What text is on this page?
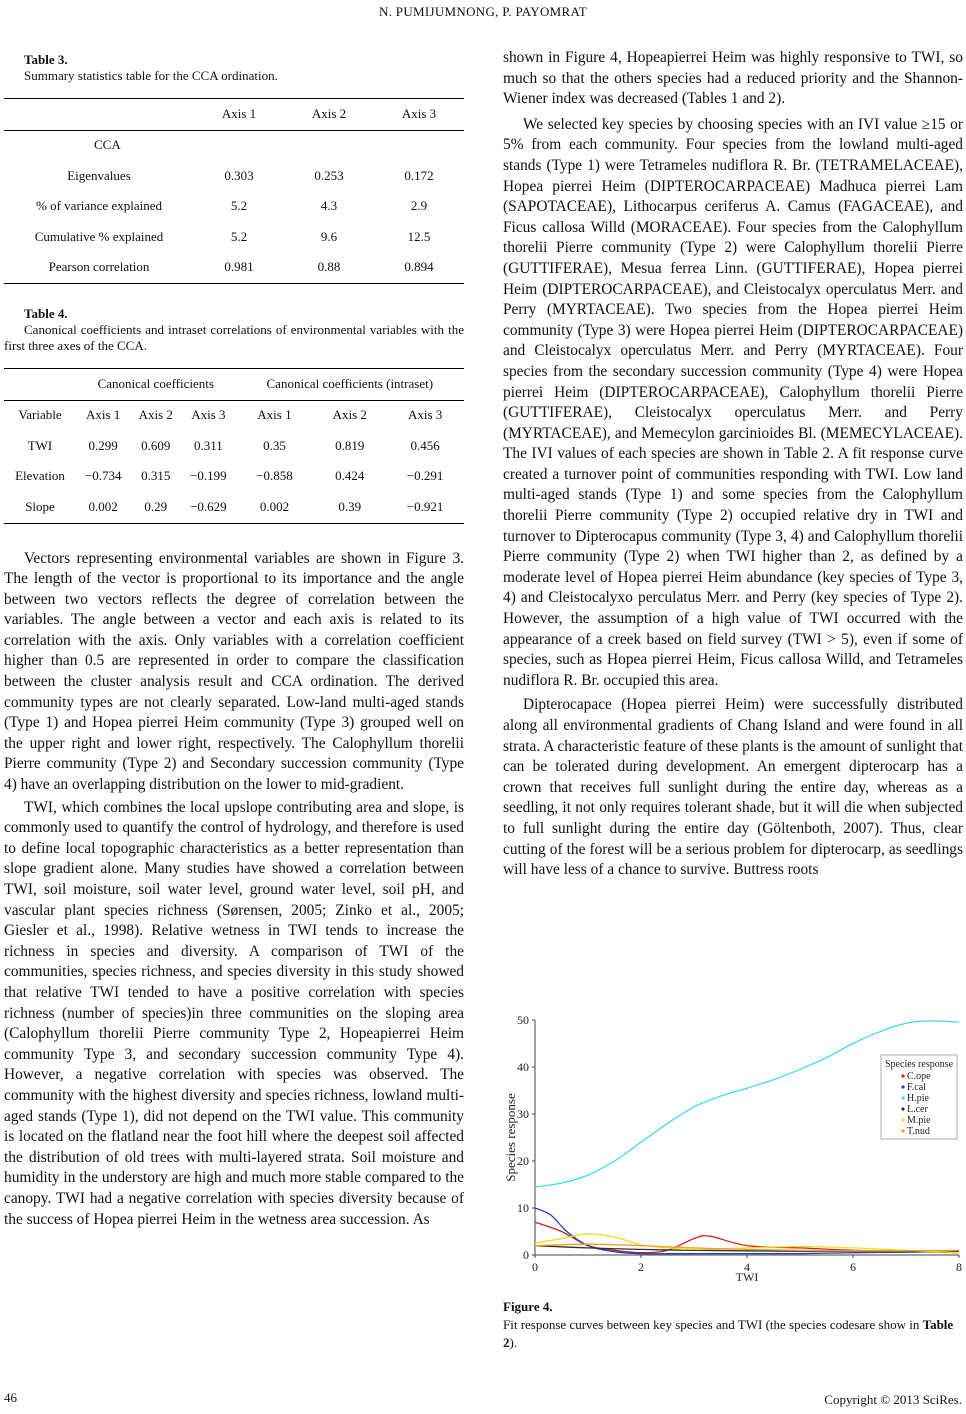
N. PUMIJUMNONG, P. PAYOMRAT

Table 3.

Summary statistics table for the CCA ordination.

	Axis 1	Axis 2	Axis 3
CCA			
Eigenvalues	0.303	0.253	0.172
% of variance explained	5.2	4.3	2.9
Cumulative % explained	5.2	9.6	12.5
Pearson correlation	0.981	0.88	0.894

Table 4.

Canonical coefficients and intraset correlations of environmental variables with the first three axes of the CCA.

	Canonical coefficients			Canonical coefficients (intraset)		
Variable	Axis 1	Axis 2	Axis 3	Axis 1	Axis 2	Axis 3
TWI	0.299	0.609	0.311	0.35	0.819	0.456
Elevation	−0.734	0.315	−0.199	−0.858	0.424	−0.291
Slope	0.002	0.29	−0.629	0.002	0.39	−0.921

Vectors representing environmental variables are shown in Figure 3. The length of the vector is proportional to its importance and the angle between two vectors reflects the degree of correlation between the variables. The angle between a vector and each axis is related to its correlation with the axis. Only variables with a correlation coefficient higher than 0.5 are represented in order to compare the classification between the cluster analysis result and CCA ordination. The derived community types are not clearly separated. Low-land multi-aged stands (Type 1) and Hopea pierrei Heim community (Type 3) grouped well on the upper right and lower right, respectively. The Calophyllum thorelii Pierre community (Type 2) and Secondary succession community (Type 4) have an overlapping distribution on the lower to mid-gradient.

TWI, which combines the local upslope contributing area and slope, is commonly used to quantify the control of hydrology, and therefore is used to define local topographic characteristics as a better representation than slope gradient alone. Many studies have showed a correlation between TWI, soil moisture, soil water level, ground water level, soil pH, and vascular plant species richness (Sørensen, 2005; Zinko et al., 2005; Giesler et al., 1998). Relative wetness in TWI tends to increase the richness in species and diversity. A comparison of TWI of the communities, species richness, and species diversity in this study showed that relative TWI tended to have a positive correlation with species richness (number of species)in three communities on the sloping area (Calophyllum thorelii Pierre community Type 2, Hopeapierrei Heim community Type 3, and secondary succession community Type 4). However, a negative correlation with species was observed. The community with the highest diversity and species richness, lowland multi-aged stands (Type 1), did not depend on the TWI value. This community is located on the flatland near the foot hill where the deepest soil affected the distribution of old trees with multi-layered strata. Soil moisture and humidity in the understory are high and much more stable compared to the canopy. TWI had a negative correlation with species diversity because of the success of Hopea pierrei Heim in the wetness area succession. As

shown in Figure 4, Hopeapierrei Heim was highly responsive to TWI, so much so that the others species had a reduced priority and the Shannon-Wiener index was decreased (Tables 1 and 2).

We selected key species by choosing species with an IVI value ≥15 or 5% from each community. Four species from the lowland multi-aged stands (Type 1) were Tetrameles nudiflora R. Br. (TETRAMELACEAE), Hopea pierrei Heim (DIPTEROCARPACEAE) Madhuca pierrei Lam (SAPOTACEAE), Lithocarpus ceriferus A. Camus (FAGACEAE), and Ficus callosa Willd (MORACEAE). Four species from the Calophyllum thorelii Pierre community (Type 2) were Calophyllum thorelii Pierre (GUTTIFERAE), Mesua ferrea Linn. (GUTTIFERAE), Hopea pierrei Heim (DIPTEROCARPACEAE), and Cleistocalyx operculatus Merr. and Perry (MYRTACEAE). Two species from the Hopea pierrei Heim community (Type 3) were Hopea pierrei Heim (DIPTEROCARPACEAE) and Cleistocalyx operculatus Merr. and Perry (MYRTACEAE). Four species from the secondary succession community (Type 4) were Hopea pierrei Heim (DIPTEROCARPACEAE), Calophyllum thorelii Pierre (GUTTIFERAE), Cleistocalyx operculatus Merr. and Perry (MYRTACEAE), and Memecylon garcinioides Bl. (MEMECYLACEAE). The IVI values of each species are shown in Table 2. A fit response curve created a turnover point of communities responding with TWI. Low land multi-aged stands (Type 1) and some species from the Calophyllum thorelii Pierre community (Type 2) occupied relative dry in TWI and turnover to Dipterocapus community (Type 3, 4) and Calophyllum thorelii Pierre community (Type 2) when TWI higher than 2, as defined by a moderate level of Hopea pierrei Heim abundance (key species of Type 3, 4) and Cleistocalyxo perculatus Merr. and Perry (key species of Type 2). However, the assumption of a high value of TWI occurred with the appearance of a creek based on field survey (TWI > 5), even if some of species, such as Hopea pierrei Heim, Ficus callosa Willd, and Tetrameles nudiflora R. Br. occupied this area.

Dipterocapace (Hopea pierrei Heim) were successfully distributed along all environmental gradients of Chang Island and were found in all strata. A characteristic feature of these plants is the amount of sunlight that can be tolerated during development. An emergent dipterocarp has a crown that receives full sunlight during the entire day, whereas as a seedling, it not only requires tolerant shade, but it will die when subjected to full sunlight during the entire day (Göltenboth, 2007). Thus, clear cutting of the forest will be a serious problem for dipterocarp, as seedlings will have less of a chance to survive. Buttress roots

0
10
20
30
40
50
0	2	4	6	8
TWI
Species response
Species response
C.ope
F.cal
H.pie
L.cer
M.pie
T.nud
Figure 4.
Fit response curves between key species and TWI (the species codesare show in Table 2).
46	Copyright © 2013 SciRes.
